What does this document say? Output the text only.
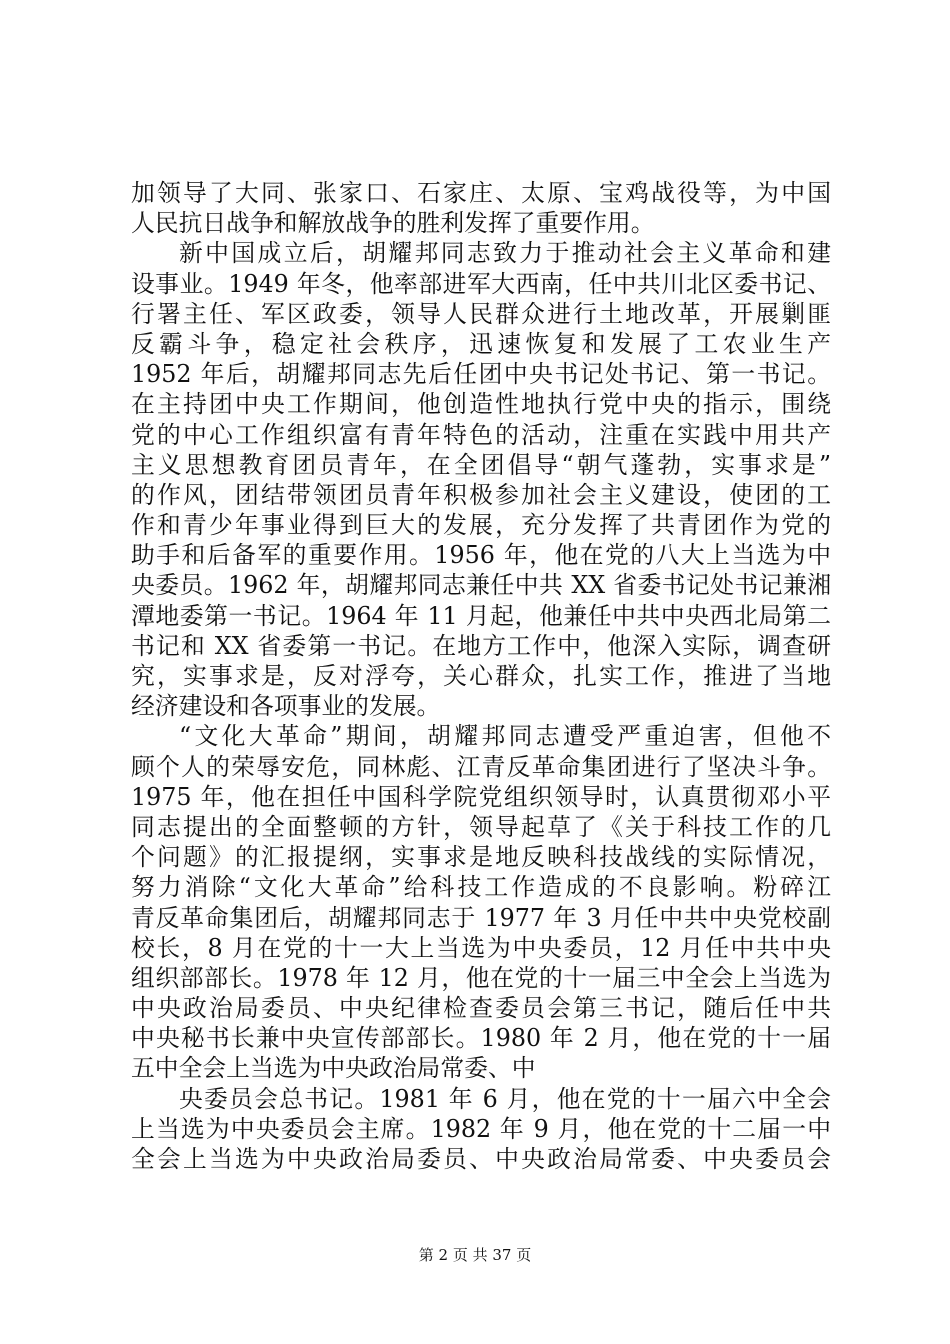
加领导了大同、张家口、石家庄、太原、宝鸡战役等，为中国
人民抗日战争和解放战争的胜利发挥了重要作用。
新中国成立后，胡耀邦同志致力于推动社会主义革命和建
设事业。1949 年冬，他率部进军大西南，任中共川北区委书记、
行署主任、军区政委，领导人民群众进行土地改革，开展剿匪
反霸斗争，稳定社会秩序，迅速恢复和发展了工农业生产
1952 年后，胡耀邦同志先后任团中央书记处书记、第一书记。
在主持团中央工作期间，他创造性地执行党中央的指示，围绕
党的中心工作组织富有青年特色的活动，注重在实践中用共产
主义思想教育团员青年，在全团倡导“朝气蓬勃，实事求是”
的作风，团结带领团员青年积极参加社会主义建设，使团的工
作和青少年事业得到巨大的发展，充分发挥了共青团作为党的
助手和后备军的重要作用。1956 年，他在党的八大上当选为中
央委员。1962 年，胡耀邦同志兼任中共 XX 省委书记处书记兼湘
潭地委第一书记。1964 年 11 月起，他兼任中共中央西北局第二
书记和 XX 省委第一书记。在地方工作中，他深入实际，调查研
究，实事求是，反对浮夸，关心群众，扎实工作，推进了当地
经济建设和各项事业的发展。
“文化大革命”期间，胡耀邦同志遭受严重迫害，但他不
顾个人的荣辱安危，同林彪、江青反革命集团进行了坚决斗争。
1975 年，他在担任中国科学院党组织领导时，认真贯彻邓小平
同志提出的全面整顿的方针，领导起草了《关于科技工作的几
个问题》的汇报提纲，实事求是地反映科技战线的实际情况，
努力消除“文化大革命”给科技工作造成的不良影响。粉碎江
青反革命集团后，胡耀邦同志于 1977 年 3 月任中共中央党校副
校长，8 月在党的十一大上当选为中央委员，12 月任中共中央
组织部部长。1978 年 12 月，他在党的十一届三中全会上当选为
中央政治局委员、中央纪律检查委员会第三书记，随后任中共
中央秘书长兼中央宣传部部长。1980 年 2 月，他在党的十一届
五中全会上当选为中央政治局常委、中
央委员会总书记。1981 年 6 月，他在党的十一届六中全会
上当选为中央委员会主席。1982 年 9 月，他在党的十二届一中
全会上当选为中央政治局委员、中央政治局常委、中央委员会
第 2 页 共 37 页
